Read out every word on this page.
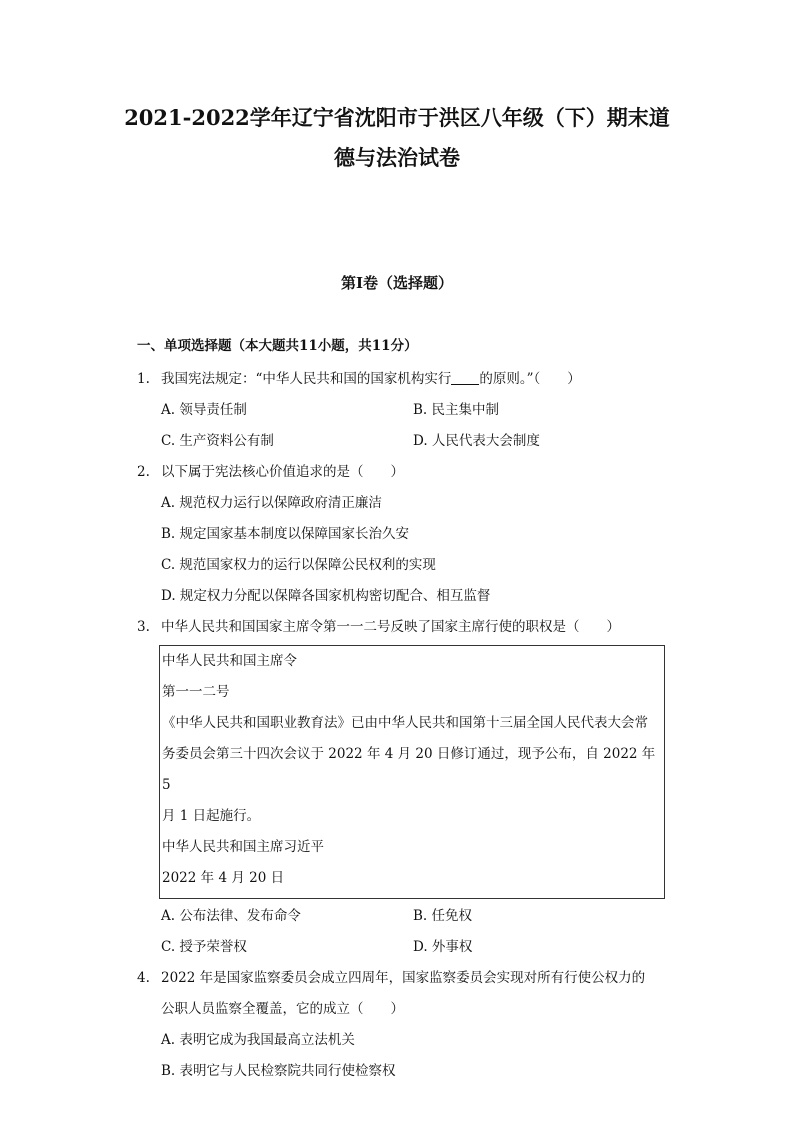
2021-2022学年辽宁省沈阳市于洪区八年级（下）期末道
德与法治试卷
第I卷（选择题）
一、单项选择题（本大题共11小题，共11分）
1. 我国宪法规定：“中华人民共和国的国家机构实行 的原则。”（　　）
A. 领导责任制	B. 民主集中制
C. 生产资料公有制	D. 人民代表大会制度
2. 以下属于宪法核心价值追求的是（　　）
A. 规范权力运行以保障政府清正廉洁
B. 规定国家基本制度以保障国家长治久安
C. 规范国家权力的运行以保障公民权利的实现
D. 规定权力分配以保障各国家机构密切配合、相互监督
3. 中华人民共和国国家主席令第一一二号反映了国家主席行使的职权是（　　）
中华人民共和国主席令
第一一二号
《中华人民共和国职业教育法》已由中华人民共和国第十三届全国人民代表大会常
务委员会第三十四次会议于 2022 年 4 月 20 日修订通过，现予公布，自 2022 年 5
月 1 日起施行。
中华人民共和国主席习近平
2022 年 4 月 20 日
A. 公布法律、发布命令	B. 任免权
C. 授予荣誉权	D. 外事权
4. 2022 年是国家监察委员会成立四周年，国家监察委员会实现对所有行使公权力的
公职人员监察全覆盖，它的成立（　　）
A. 表明它成为我国最高立法机关
B. 表明它与人民检察院共同行使检察权
